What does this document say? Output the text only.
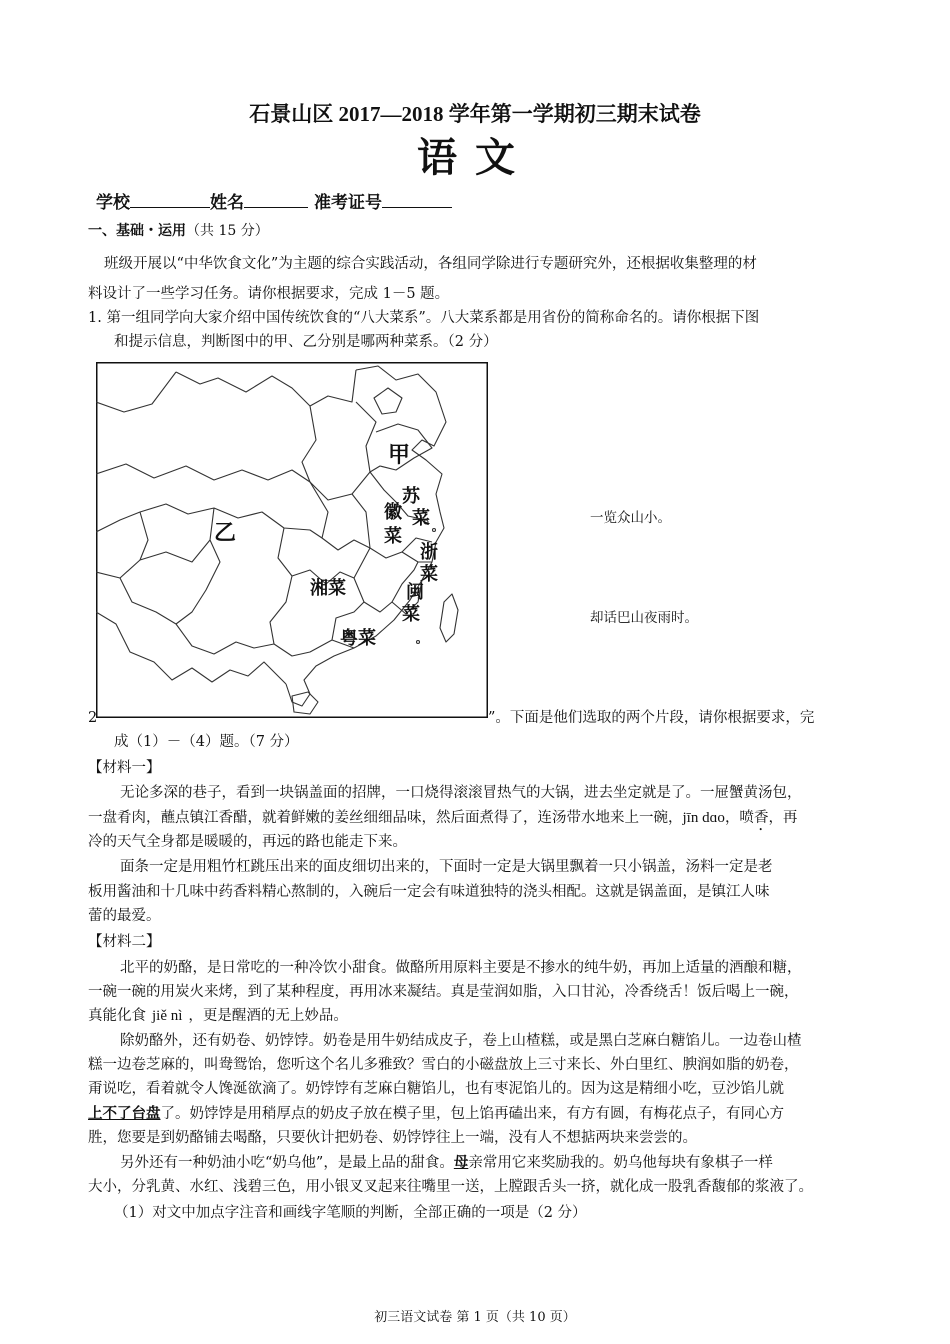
石景山区 2017—2018 学年第一学期初三期末试卷
语文
学校	姓名	准考证号
一、基础・运用（共 15 分）
班级开展以“中华饮食文化”为主题的综合实践活动，各组同学除进行专题研究外，还根据收集整理的材
料设计了一些学习任务。请你根据要求，完成 1－5 题。
1. 第一组同学向大家介绍中国传统饮食的“八大菜系”。八大菜系都是用省份的简称命名的。请你根据下图
和提示信息，判断图中的甲、乙分别是哪两种菜系。（2 分）
一览众山小。
却话巴山夜雨时。
2	”。下面是他们选取的两个片段，请你根据要求，完
成（1）－（4）题。（7 分）
甲
乙
苏
菜
徽
菜
浙
菜
闽
菜
湘菜
粤菜
【材料一】
无论多深的巷子，看到一块锅盖面的招牌，一口烧得滚滚冒热气的大锅，进去坐定就是了。一屉蟹黄汤包，
一盘肴肉，蘸点镇江香醋，就着鲜嫩的姜丝细细品味，然后面煮得了，连汤带水地来上一碗，jīn dɑo，喷香，再
冷的天气全身都是暖暖的，再远的路也能走下来。
面条一定是用粗竹杠跳压出来的面皮细切出来的，下面时一定是大锅里飘着一只小锅盖，汤料一定是老
板用酱油和十几味中药香料精心熬制的，入碗后一定会有味道独特的浇头相配。这就是锅盖面，是镇江人味
蕾的最爱。
【材料二】
北平的奶酪，是日常吃的一种冷饮小甜食。做酪所用原料主要是不掺水的纯牛奶，再加上适量的酒酿和糖，
一碗一碗的用炭火来烤，到了某种程度，再用冰来凝结。真是莹润如脂，入口甘沁，冷香绕舌！饭后喝上一碗，
真能化食 jiě nì ，更是醒酒的无上妙品。
除奶酪外，还有奶卷、奶饽饽。奶卷是用牛奶结成皮子，卷上山楂糕，或是黑白芝麻白糖馅儿。一边卷山楂
糕一边卷芝麻的，叫鸯鸳饴，您听这个名儿多雅致？雪白的小磁盘放上三寸来长、外白里红、腴润如脂的奶卷，
甭说吃，看着就令人馋涎欲滴了。奶饽饽有芝麻白糖馅儿，也有枣泥馅儿的。因为这是精细小吃，豆沙馅儿就
上不了台盘了。奶饽饽是用稍厚点的奶皮子放在模子里，包上馅再磕出来，有方有圆，有梅花点子，有同心方
胜，您要是到奶酪铺去喝酪，只要伙计把奶卷、奶饽饽往上一端，没有人不想掂两块来尝尝的。
另外还有一种奶油小吃“奶乌他”，是最上品的甜食。母亲常用它来奖励我的。奶乌他每块有象棋子一样
大小，分乳黄、水红、浅碧三色，用小银叉叉起来往嘴里一送，上膛跟舌头一挤，就化成一股乳香馥郁的浆液了。
（1）对文中加点字注音和画线字笔顺的判断，全部正确的一项是（2 分）
初三语文试卷 第 1 页（共 10 页）
